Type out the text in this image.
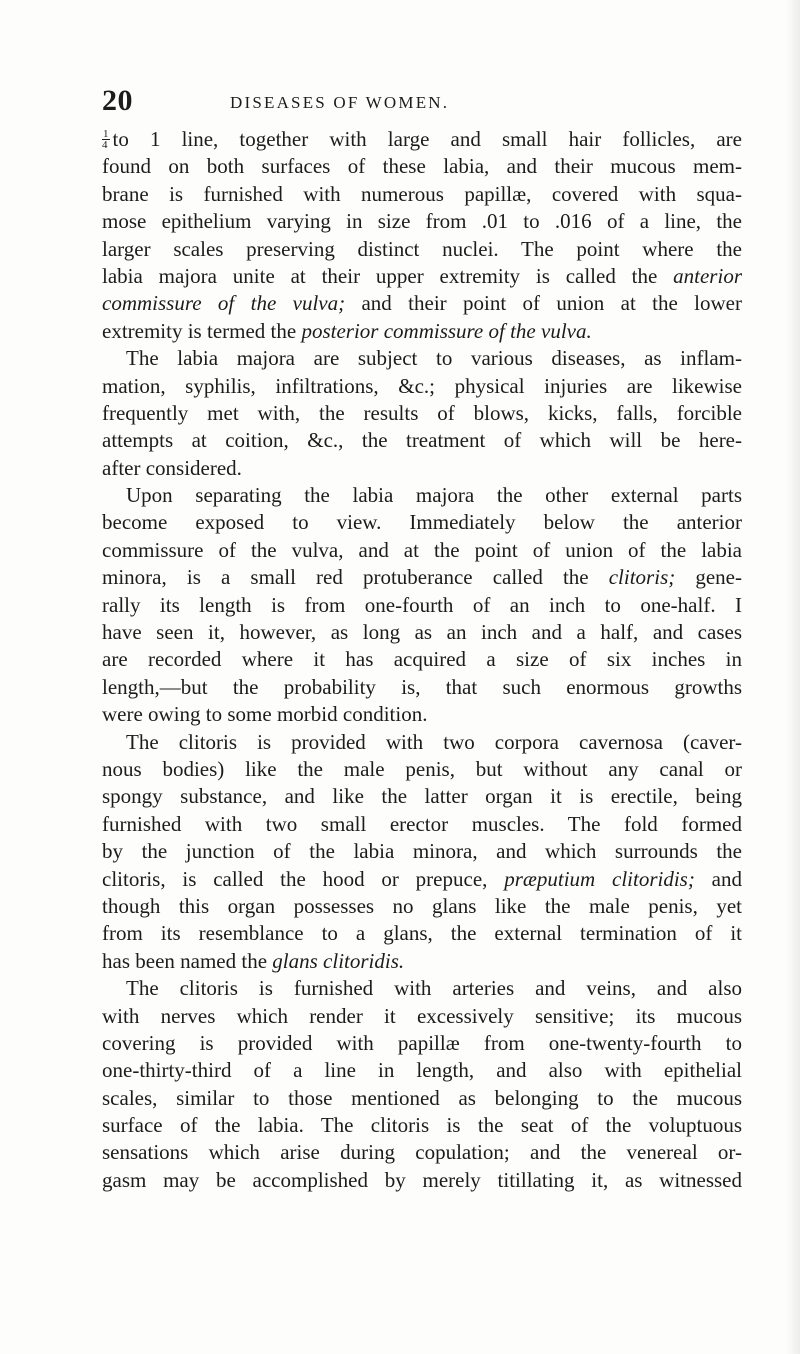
20	DISEASES OF WOMEN.
$\frac{1}{4}$ to 1 line, together with large and small hair follicles, are
found on both surfaces of these labia, and their mucous mem-
brane is furnished with numerous papillæ, covered with squa-
mose epithelium varying in size from .01 to .016 of a line, the
larger scales preserving distinct nuclei. The point where the
labia majora unite at their upper extremity is called the anterior
commissure of the vulva; and their point of union at the lower
extremity is termed the posterior commissure of the vulva.
The labia majora are subject to various diseases, as inflam-
mation, syphilis, infiltrations, &c.; physical injuries are likewise
frequently met with, the results of blows, kicks, falls, forcible
attempts at coition, &c., the treatment of which will be here-
after considered.
Upon separating the labia majora the other external parts
become exposed to view. Immediately below the anterior
commissure of the vulva, and at the point of union of the labia
minora, is a small red protuberance called the clitoris; gene-
rally its length is from one-fourth of an inch to one-half. I
have seen it, however, as long as an inch and a half, and cases
are recorded where it has acquired a size of six inches in
length,—but the probability is, that such enormous growths
were owing to some morbid condition.
The clitoris is provided with two corpora cavernosa (caver-
nous bodies) like the male penis, but without any canal or
spongy substance, and like the latter organ it is erectile, being
furnished with two small erector muscles. The fold formed
by the junction of the labia minora, and which surrounds the
clitoris, is called the hood or prepuce, præputium clitoridis; and
though this organ possesses no glans like the male penis, yet
from its resemblance to a glans, the external termination of it
has been named the glans clitoridis.
The clitoris is furnished with arteries and veins, and also
with nerves which render it excessively sensitive; its mucous
covering is provided with papillæ from one-twenty-fourth to
one-thirty-third of a line in length, and also with epithelial
scales, similar to those mentioned as belonging to the mucous
surface of the labia. The clitoris is the seat of the voluptuous
sensations which arise during copulation; and the venereal or-
gasm may be accomplished by merely titillating it, as witnessed
